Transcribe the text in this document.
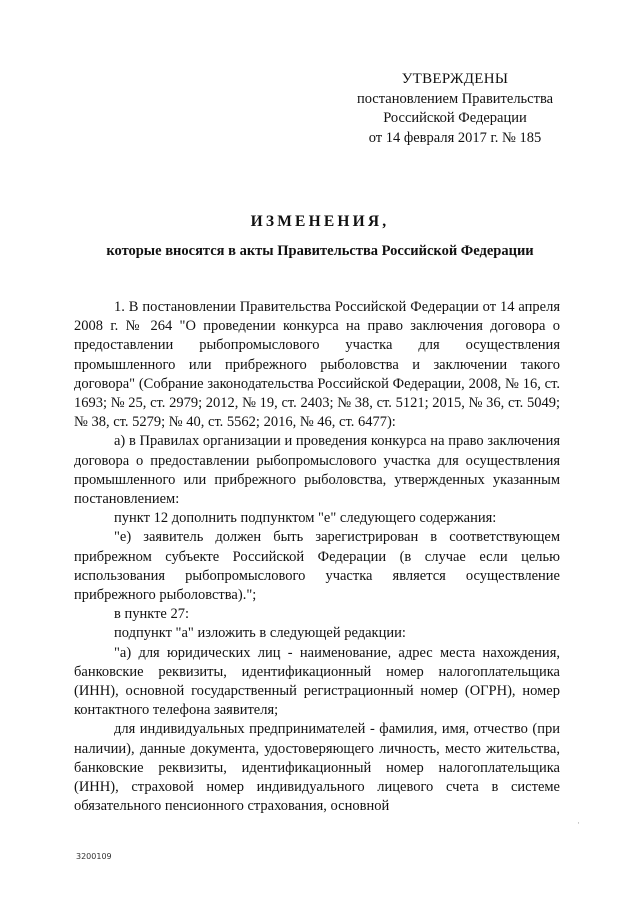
УТВЕРЖДЕНЫ
постановлением Правительства
Российской Федерации
от 14 февраля 2017 г. № 185
ИЗМЕНЕНИЯ,
которые вносятся в акты Правительства Российской Федерации

1. В постановлении Правительства Российской Федерации от 14 апреля 2008 г. № 264 "О проведении конкурса на право заключения договора о предоставлении рыбопромыслового участка для осуществления промышленного или прибрежного рыболовства и заключении такого договора" (Собрание законодательства Российской Федерации, 2008, № 16, ст. 1693; № 25, ст. 2979; 2012, № 19, ст. 2403; № 38, ст. 5121; 2015, № 36, ст. 5049; № 38, ст. 5279; № 40, ст. 5562; 2016, № 46, ст. 6477):

а) в Правилах организации и проведения конкурса на право заключения договора о предоставлении рыбопромыслового участка для осуществления промышленного или прибрежного рыболовства, утвержденных указанным постановлением:

пункт 12 дополнить подпунктом "е" следующего содержания:

"е) заявитель должен быть зарегистрирован в соответствующем прибрежном субъекте Российской Федерации (в случае если целью использования рыбопромыслового участка является осуществление прибрежного рыболовства).";

в пункте 27:

подпункт "а" изложить в следующей редакции:

"а) для юридических лиц - наименование, адрес места нахождения, банковские реквизиты, идентификационный номер налогоплательщика (ИНН), основной государственный регистрационный номер (ОГРН), номер контактного телефона заявителя;

для индивидуальных предпринимателей - фамилия, имя, отчество (при наличии), данные документа, удостоверяющего личность, место жительства, банковские реквизиты, идентификационный номер налогоплательщика (ИНН), страховой номер индивидуального лицевого счета в системе обязательного пенсионного страхования, основной

·
3200109
